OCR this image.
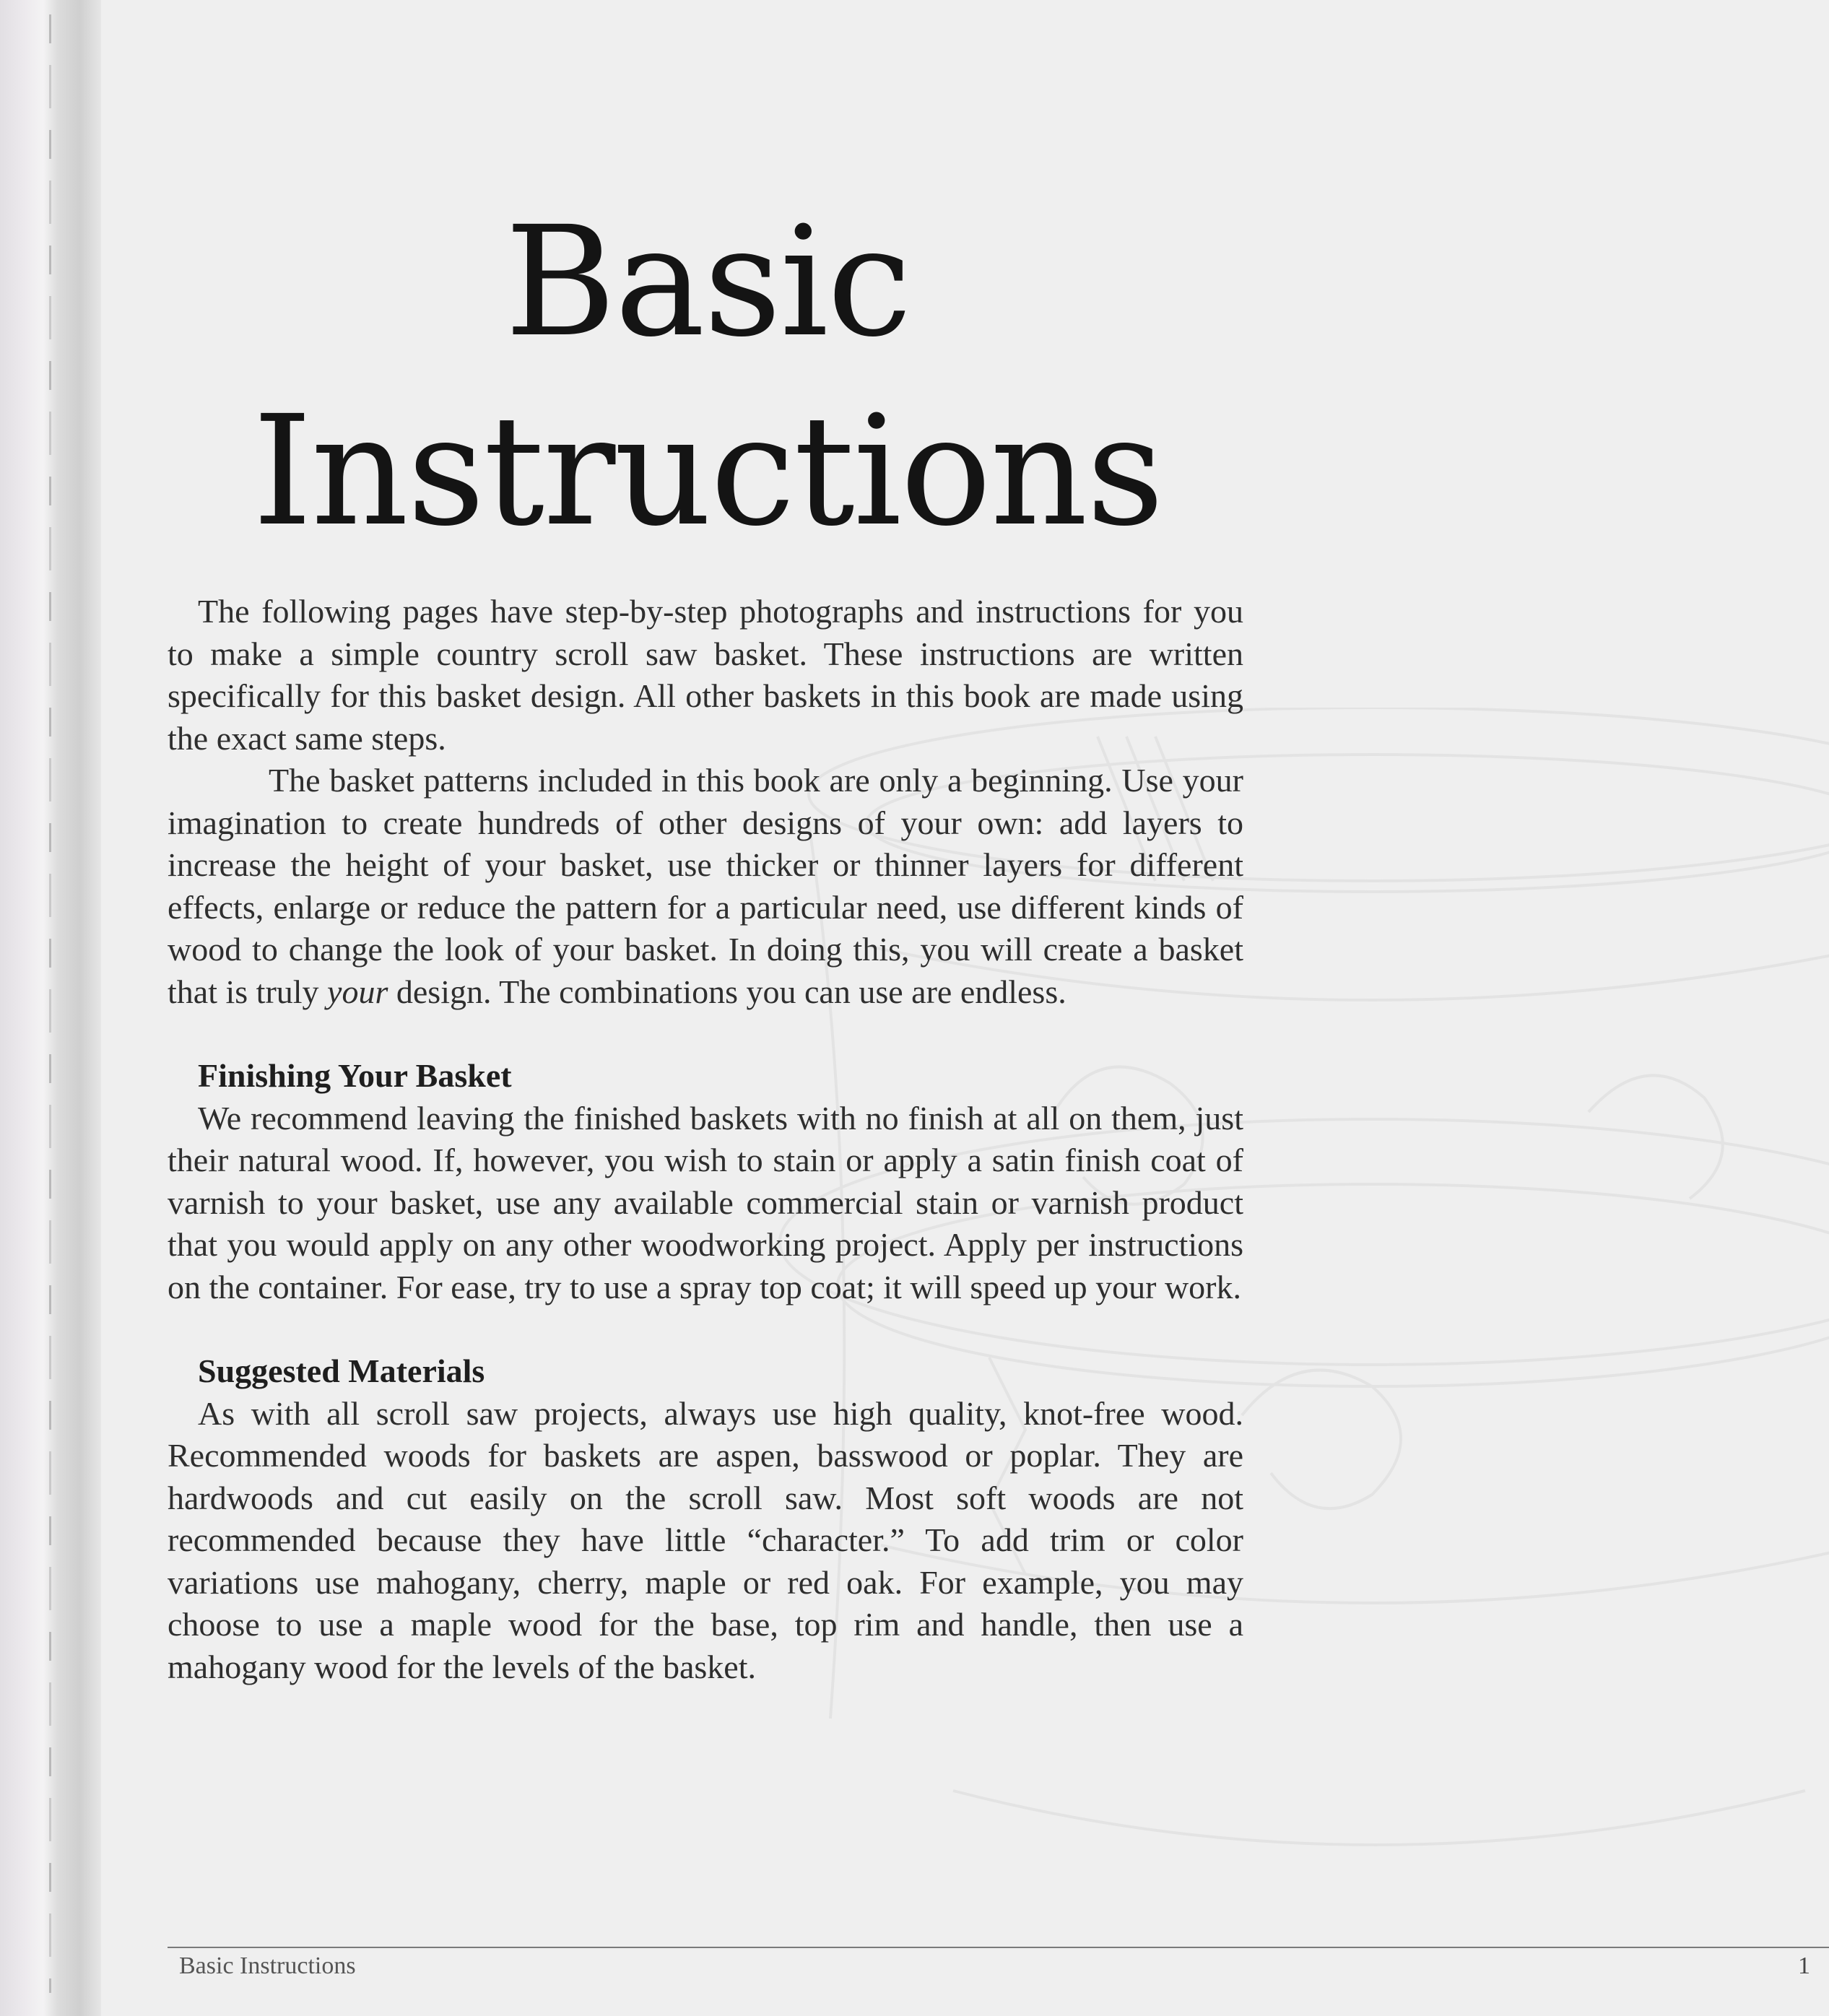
Basic
Instructions

The following pages have step-by-step photographs and instructions for you to make a simple country scroll saw basket. These instructions are written specifically for this basket design. All other baskets in this book are made using the exact same steps.

The basket patterns included in this book are only a beginning. Use your imagination to create hundreds of other designs of your own: add layers to increase the height of your basket, use thicker or thinner layers for different effects, enlarge or reduce the pattern for a particular need, use different kinds of wood to change the look of your basket. In doing this, you will create a basket that is truly your design. The combinations you can use are endless.

Finishing Your Basket

We recommend leaving the finished baskets with no finish at all on them, just their natural wood. If, however, you wish to stain or apply a satin finish coat of varnish to your basket, use any available commercial stain or varnish product that you would apply on any other woodworking project. Apply per instructions on the container. For ease, try to use a spray top coat; it will speed up your work.

Suggested Materials

As with all scroll saw projects, always use high quality, knot-free wood. Recommended woods for baskets are aspen, basswood or poplar. They are hardwoods and cut easily on the scroll saw. Most soft woods are not recommended because they have little “character.” To add trim or color variations use mahogany, cherry, maple or red oak. For example, you may choose to use a maple wood for the base, top rim and handle, then use a mahogany wood for the levels of the basket.

Basic Instructions	1
